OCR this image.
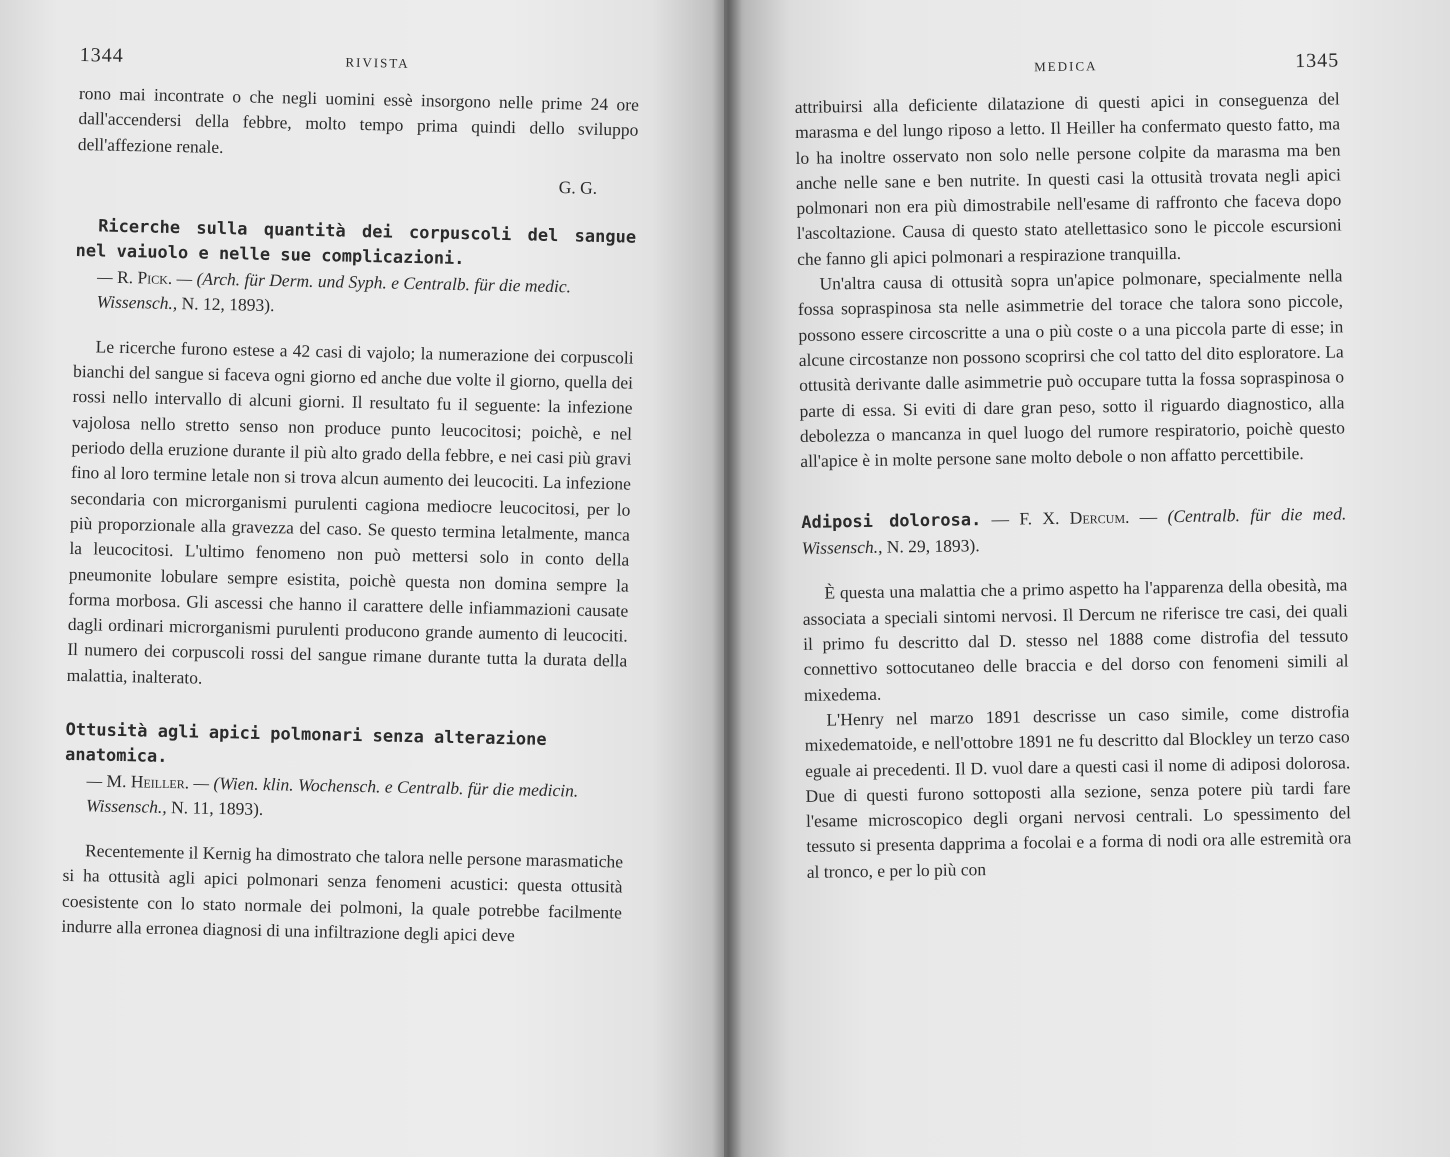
1344	RIVISTA

rono mai incontrate o che negli uomini essè insorgono nelle prime 24 ore dall'accendersi della febbre, molto tempo prima quindi dello sviluppo dell'affezione renale.

G. G.

Ricerche sulla quantità dei corpuscoli del sangue nel vaiuolo e nelle sue complicazioni.

— R. Pick. — (Arch. für Derm. und Syph. e Centralb. für die medic. Wissensch., N. 12, 1893).

Le ricerche furono estese a 42 casi di vajolo; la numerazione dei corpuscoli bianchi del sangue si faceva ogni giorno ed anche due volte il giorno, quella dei rossi nello intervallo di alcuni giorni. Il resultato fu il seguente: la infezione vajolosa nello stretto senso non produce punto leucocitosi; poichè, e nel periodo della eruzione durante il più alto grado della febbre, e nei casi più gravi fino al loro termine letale non si trova alcun aumento dei leucociti. La infezione secondaria con microrganismi purulenti cagiona mediocre leucocitosi, per lo più proporzionale alla gravezza del caso. Se questo termina letalmente, manca la leucocitosi. L'ultimo fenomeno non può mettersi solo in conto della pneumonite lobulare sempre esistita, poichè questa non domina sempre la forma morbosa. Gli ascessi che hanno il carattere delle infiammazioni causate dagli ordinari microrganismi purulenti producono grande aumento di leucociti. Il numero dei corpuscoli rossi del sangue rimane durante tutta la durata della malattia, inalterato.

Ottusità agli apici polmonari senza alterazione anatomica.

— M. Heiller. — (Wien. klin. Wochensch. e Centralb. für die medicin. Wissensch., N. 11, 1893).

Recentemente il Kernig ha dimostrato che talora nelle persone marasmatiche si ha ottusità agli apici polmonari senza fenomeni acustici: questa ottusità coesistente con lo stato normale dei polmoni, la quale potrebbe facilmente indurre alla erronea diagnosi di una infiltrazione degli apici deve

MEDICA	1345

attribuirsi alla deficiente dilatazione di questi apici in conseguenza del marasma e del lungo riposo a letto. Il Heiller ha confermato questo fatto, ma lo ha inoltre osservato non solo nelle persone colpite da marasma ma ben anche nelle sane e ben nutrite. In questi casi la ottusità trovata negli apici polmonari non era più dimostrabile nell'esame di raffronto che faceva dopo l'ascoltazione. Causa di questo stato atellettasico sono le piccole escursioni che fanno gli apici polmonari a respirazione tranquilla.

Un'altra causa di ottusità sopra un'apice polmonare, specialmente nella fossa sopraspinosa sta nelle asimmetrie del torace che talora sono piccole, possono essere circoscritte a una o più coste o a una piccola parte di esse; in alcune circostanze non possono scoprirsi che col tatto del dito esploratore. La ottusità derivante dalle asimmetrie può occupare tutta la fossa sopraspinosa o parte di essa. Si eviti di dare gran peso, sotto il riguardo diagnostico, alla debolezza o mancanza in quel luogo del rumore respiratorio, poichè questo all'apice è in molte persone sane molto debole o non affatto percettibile.

Adiposi dolorosa. — F. X. Dercum. — (Centralb. für die med. Wissensch., N. 29, 1893).

È questa una malattia che a primo aspetto ha l'apparenza della obesità, ma associata a speciali sintomi nervosi. Il Dercum ne riferisce tre casi, dei quali il primo fu descritto dal D. stesso nel 1888 come distrofia del tessuto connettivo sottocutaneo delle braccia e del dorso con fenomeni simili al mixedema.

L'Henry nel marzo 1891 descrisse un caso simile, come distrofia mixedematoide, e nell'ottobre 1891 ne fu descritto dal Blockley un terzo caso eguale ai precedenti. Il D. vuol dare a questi casi il nome di adiposi dolorosa. Due di questi furono sottoposti alla sezione, senza potere più tardi fare l'esame microscopico degli organi nervosi centrali. Lo spessimento del tessuto si presenta dapprima a focolai e a forma di nodi ora alle estremità ora al tronco, e per lo più con
